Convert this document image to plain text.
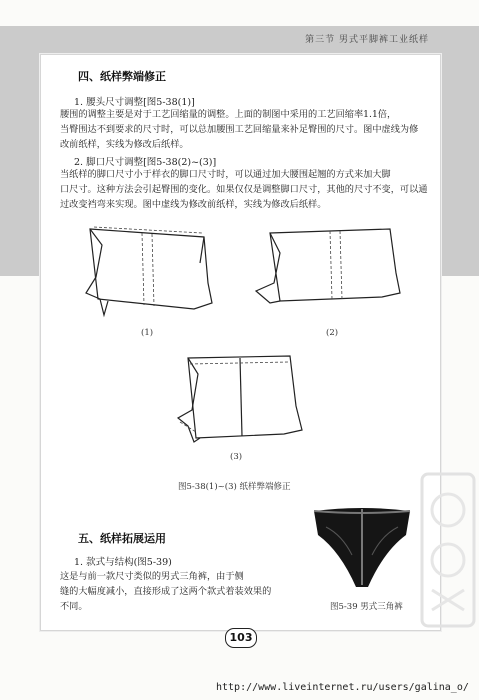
第三节 男式平脚裤工业纸样
四、纸样弊端修正
1. 腰头尺寸调整[图5-38(1)]
腰围的调整主要是对于工艺回缩量的调整。上面的制图中采用的工艺回缩率1.1倍，
当臀围达不到要求的尺寸时，可以总加腰围工艺回缩量来补足臀围的尺寸。图中虚线为修
改前纸样，实线为修改后纸样。
2. 脚口尺寸调整[图5-38(2)~(3)]
当纸样的脚口尺寸小于样衣的脚口尺寸时，可以通过加大腰围起翘的方式来加大脚
口尺寸。这种方法会引起臀围的变化。如果仅仅是调整脚口尺寸，其他的尺寸不变，可以通
过改变裆弯来实现。图中虚线为修改前纸样，实线为修改后纸样。
(1)	(2)
(3)
图5-38(1)~(3) 纸样弊端修正
五、纸样拓展运用
1. 款式与结构(图5-39)
这是与前一款尺寸类似的男式三角裤，由于侧
缝的大幅度减小，直接形成了这两个款式着装效果的
不同。	图5-39 男式三角裤
103
http://www.liveinternet.ru/users/galina_o/
